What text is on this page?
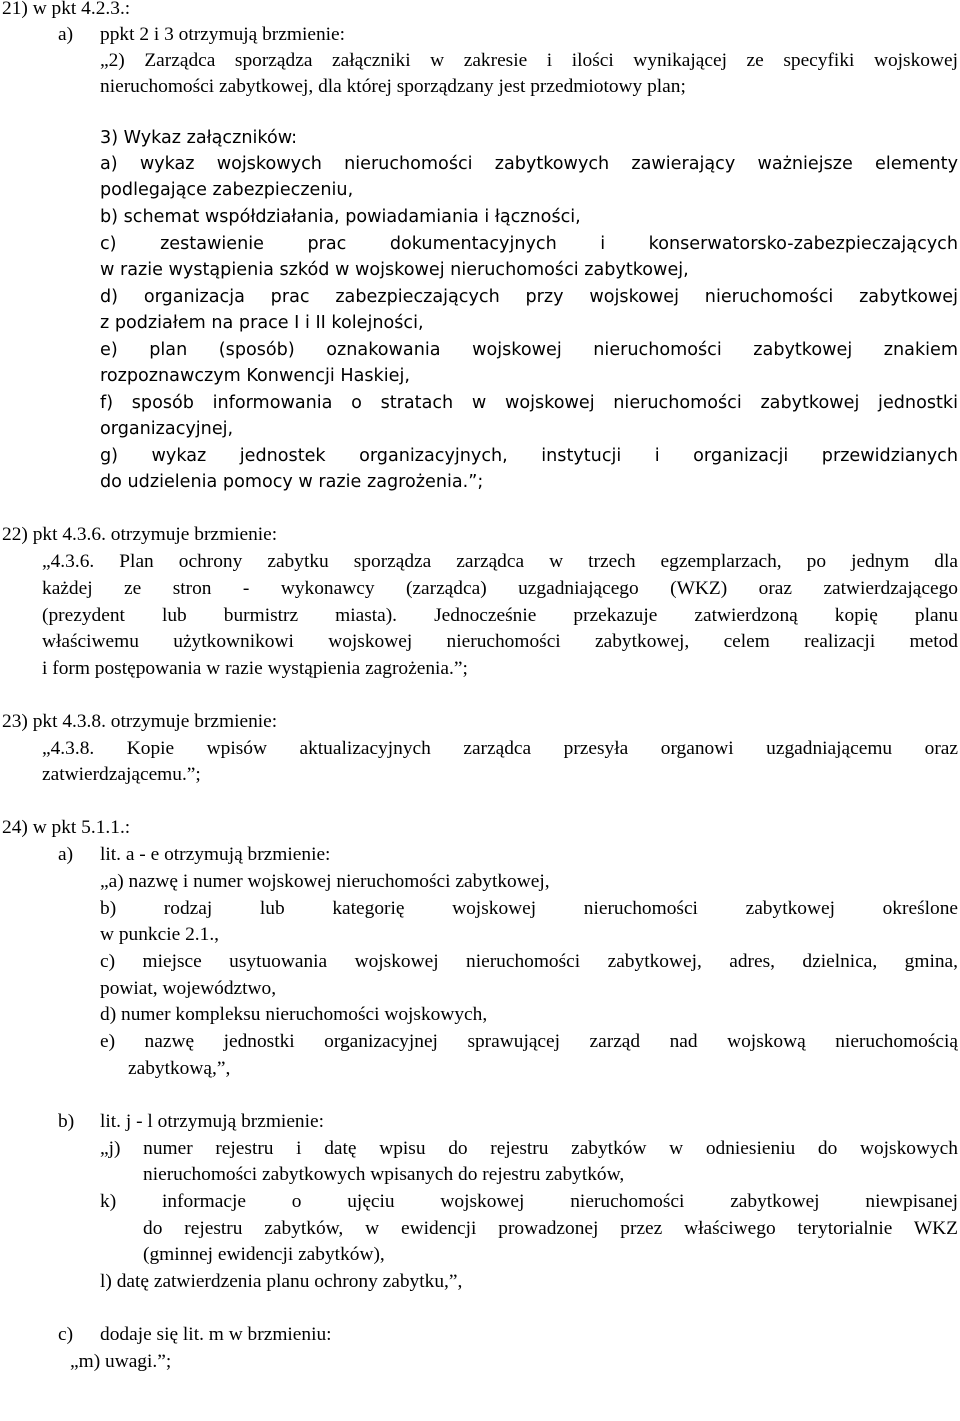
21) w pkt 4.2.3.:
a) ppkt 2 i 3 otrzymują brzmienie:
„2) Zarządca sporządza załączniki w zakresie i ilości wynikającej ze specyfiki wojskowej
nieruchomości zabytkowej, dla której sporządzany jest przedmiotowy plan;
3) Wykaz załączników:
a) wykaz wojskowych nieruchomości zabytkowych zawierający ważniejsze elementy
podlegające zabezpieczeniu,
b) schemat współdziałania, powiadamiania i łączności,
c) zestawienie prac dokumentacyjnych i konserwatorsko-zabezpieczających
w razie wystąpienia szkód w wojskowej nieruchomości zabytkowej,
d) organizacja prac zabezpieczających przy wojskowej nieruchomości zabytkowej
z podziałem na prace I i II kolejności,
e) plan (sposób) oznakowania wojskowej nieruchomości zabytkowej znakiem
rozpoznawczym Konwencji Haskiej,
f) sposób informowania o stratach w wojskowej nieruchomości zabytkowej jednostki
organizacyjnej,
g) wykaz jednostek organizacyjnych, instytucji i organizacji przewidzianych
do udzielenia pomocy w razie zagrożenia.”;
22) pkt 4.3.6. otrzymuje brzmienie:
„4.3.6. Plan ochrony zabytku sporządza zarządca w trzech egzemplarzach, po jednym dla
każdej ze stron - wykonawcy (zarządca) uzgadniającego (WKZ) oraz zatwierdzającego
(prezydent lub burmistrz miasta). Jednocześnie przekazuje zatwierdzoną kopię planu
właściwemu użytkownikowi wojskowej nieruchomości zabytkowej, celem realizacji metod
i form postępowania w razie wystąpienia zagrożenia.”;
23) pkt 4.3.8. otrzymuje brzmienie:
„4.3.8. Kopie wpisów aktualizacyjnych zarządca przesyła organowi uzgadniającemu oraz
zatwierdzającemu.”;
24) w pkt 5.1.1.:
a) lit. a - e otrzymują brzmienie:
„a) nazwę i numer wojskowej nieruchomości zabytkowej,
b) rodzaj lub kategorię wojskowej nieruchomości zabytkowej określone
w punkcie 2.1.,
c) miejsce usytuowania wojskowej nieruchomości zabytkowej, adres, dzielnica, gmina,
powiat, województwo,
d) numer kompleksu nieruchomości wojskowych,
e) nazwę jednostki organizacyjnej sprawującej zarząd nad wojskową nieruchomością
zabytkową,”,
b) lit. j - l otrzymują brzmienie:
„j) numer rejestru i datę wpisu do rejestru zabytków w odniesieniu do wojskowych
nieruchomości zabytkowych wpisanych do rejestru zabytków,
k) informacje o ujęciu wojskowej nieruchomości zabytkowej niewpisanej
do rejestru zabytków, w ewidencji prowadzonej przez właściwego terytorialnie WKZ
(gminnej ewidencji zabytków),
l) datę zatwierdzenia planu ochrony zabytku,”,
c) dodaje się lit. m w brzmieniu:
„m) uwagi.”;
